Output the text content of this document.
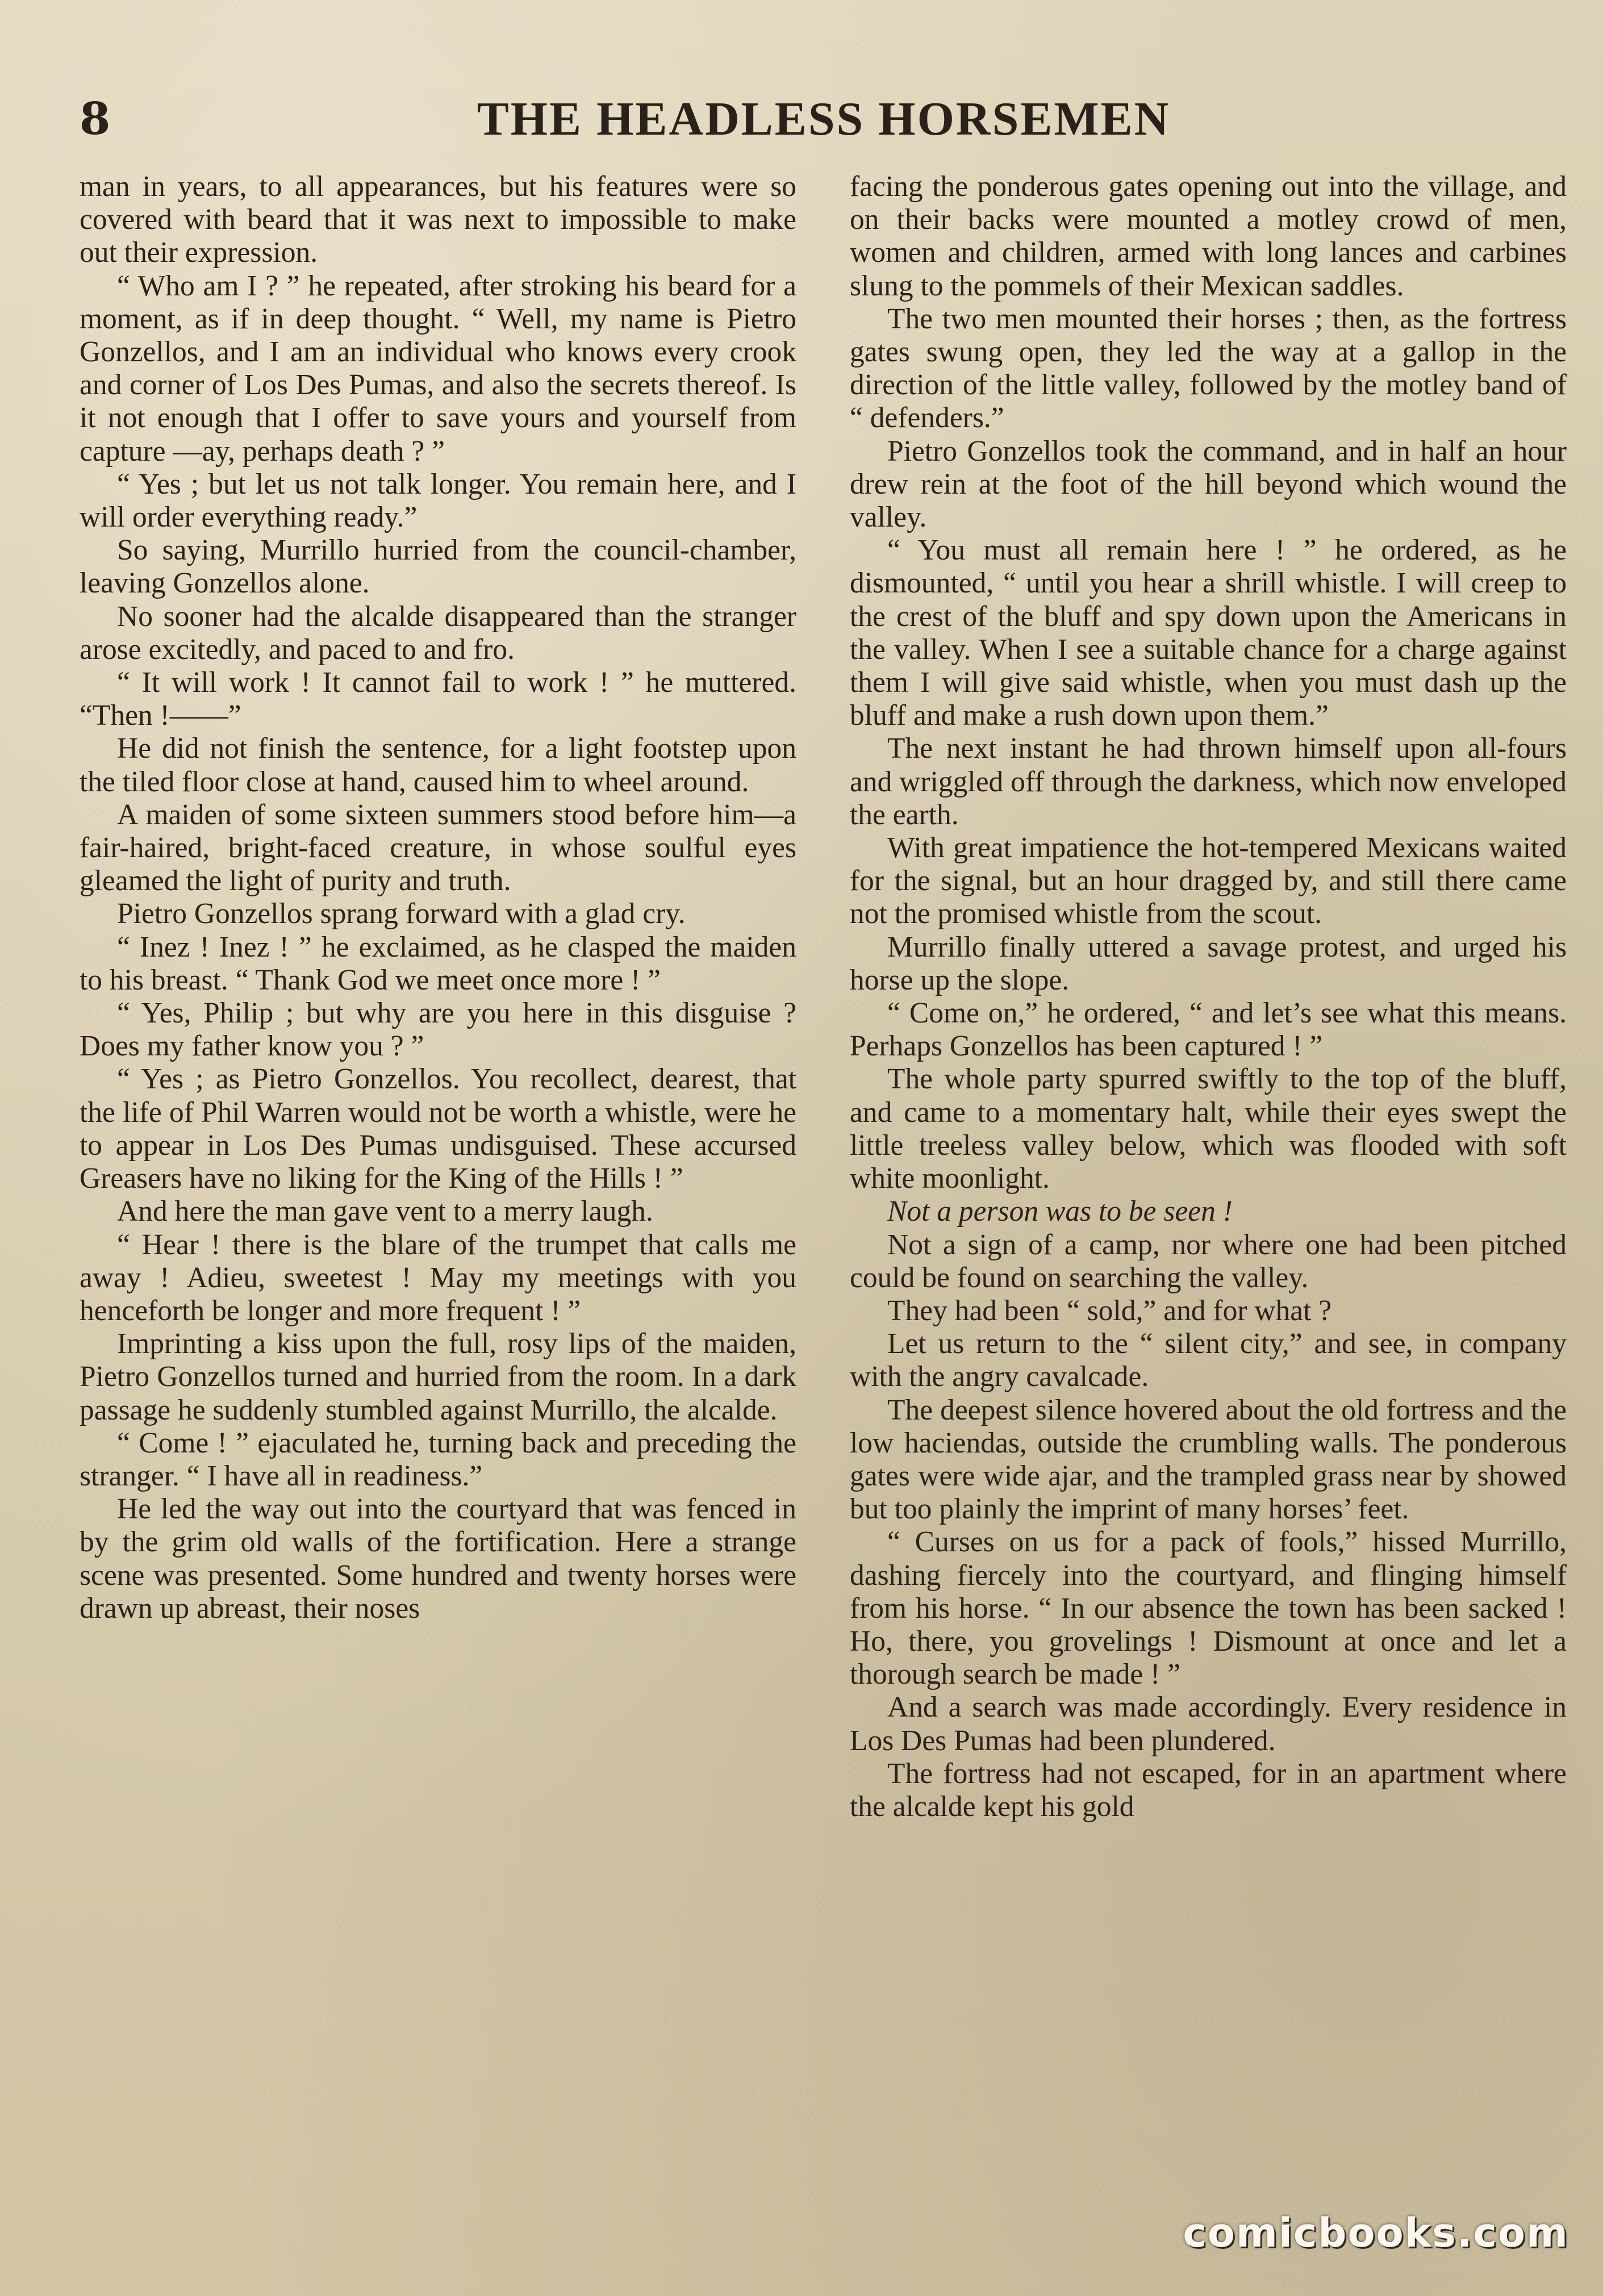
8	THE HEADLESS HORSEMEN

man in years, to all appearances, but his features were so covered with beard that it was next to impossible to make out their expression.

“ Who am I ? ” he repeated, after stroking his beard for a moment, as if in deep thought. “ Well, my name is Pietro Gonzellos, and I am an individual who knows every crook and corner of Los Des Pumas, and also the secrets thereof. Is it not enough that I offer to save yours and yourself from capture —ay, perhaps death ? ”

“ Yes ; but let us not talk longer. You remain here, and I will order everything ready.”

So saying, Murrillo hurried from the council-chamber, leaving Gonzellos alone.

No sooner had the alcalde disappeared than the stranger arose excitedly, and paced to and fro.

“ It will work ! It cannot fail to work ! ” he muttered. “Then !——”

He did not finish the sentence, for a light footstep upon the tiled floor close at hand, caused him to wheel around.

A maiden of some sixteen summers stood before him—a fair-haired, bright-faced creature, in whose soulful eyes gleamed the light of purity and truth.

Pietro Gonzellos sprang forward with a glad cry.

“ Inez ! Inez ! ” he exclaimed, as he clasped the maiden to his breast. “ Thank God we meet once more ! ”

“ Yes, Philip ; but why are you here in this disguise ? Does my father know you ? ”

“ Yes ; as Pietro Gonzellos. You recollect, dearest, that the life of Phil Warren would not be worth a whistle, were he to appear in Los Des Pumas undisguised. These accursed Greasers have no liking for the King of the Hills ! ”

And here the man gave vent to a merry laugh.

“ Hear ! there is the blare of the trumpet that calls me away ! Adieu, sweetest ! May my meetings with you henceforth be longer and more frequent ! ”

Imprinting a kiss upon the full, rosy lips of the maiden, Pietro Gonzellos turned and hurried from the room. In a dark passage he suddenly stumbled against Murrillo, the alcalde.

“ Come ! ” ejaculated he, turning back and preceding the stranger. “ I have all in readiness.”

He led the way out into the courtyard that was fenced in by the grim old walls of the fortification. Here a strange scene was presented. Some hundred and twenty horses were drawn up abreast, their noses

facing the ponderous gates opening out into the village, and on their backs were mounted a motley crowd of men, women and children, armed with long lances and carbines slung to the pommels of their Mexican saddles.

The two men mounted their horses ; then, as the fortress gates swung open, they led the way at a gallop in the direction of the little valley, followed by the motley band of “ defenders.”

Pietro Gonzellos took the command, and in half an hour drew rein at the foot of the hill beyond which wound the valley.

“ You must all remain here ! ” he ordered, as he dismounted, “ until you hear a shrill whistle. I will creep to the crest of the bluff and spy down upon the Americans in the valley. When I see a suitable chance for a charge against them I will give said whistle, when you must dash up the bluff and make a rush down upon them.”

The next instant he had thrown himself upon all-fours and wriggled off through the darkness, which now enveloped the earth.

With great impatience the hot-tempered Mexicans waited for the signal, but an hour dragged by, and still there came not the promised whistle from the scout.

Murrillo finally uttered a savage protest, and urged his horse up the slope.

“ Come on,” he ordered, “ and let’s see what this means. Perhaps Gonzellos has been captured ! ”

The whole party spurred swiftly to the top of the bluff, and came to a momentary halt, while their eyes swept the little treeless valley below, which was flooded with soft white moonlight.

Not a person was to be seen !

Not a sign of a camp, nor where one had been pitched could be found on searching the valley.

They had been “ sold,” and for what ?

Let us return to the “ silent city,” and see, in company with the angry cavalcade.

The deepest silence hovered about the old fortress and the low haciendas, outside the crumbling walls. The ponderous gates were wide ajar, and the trampled grass near by showed but too plainly the imprint of many horses’ feet.

“ Curses on us for a pack of fools,” hissed Murrillo, dashing fiercely into the courtyard, and flinging himself from his horse. “ In our absence the town has been sacked ! Ho, there, you grovelings ! Dismount at once and let a thorough search be made ! ”

And a search was made accordingly. Every residence in Los Des Pumas had been plundered.

The fortress had not escaped, for in an apartment where the alcalde kept his gold

comicbooks.com
